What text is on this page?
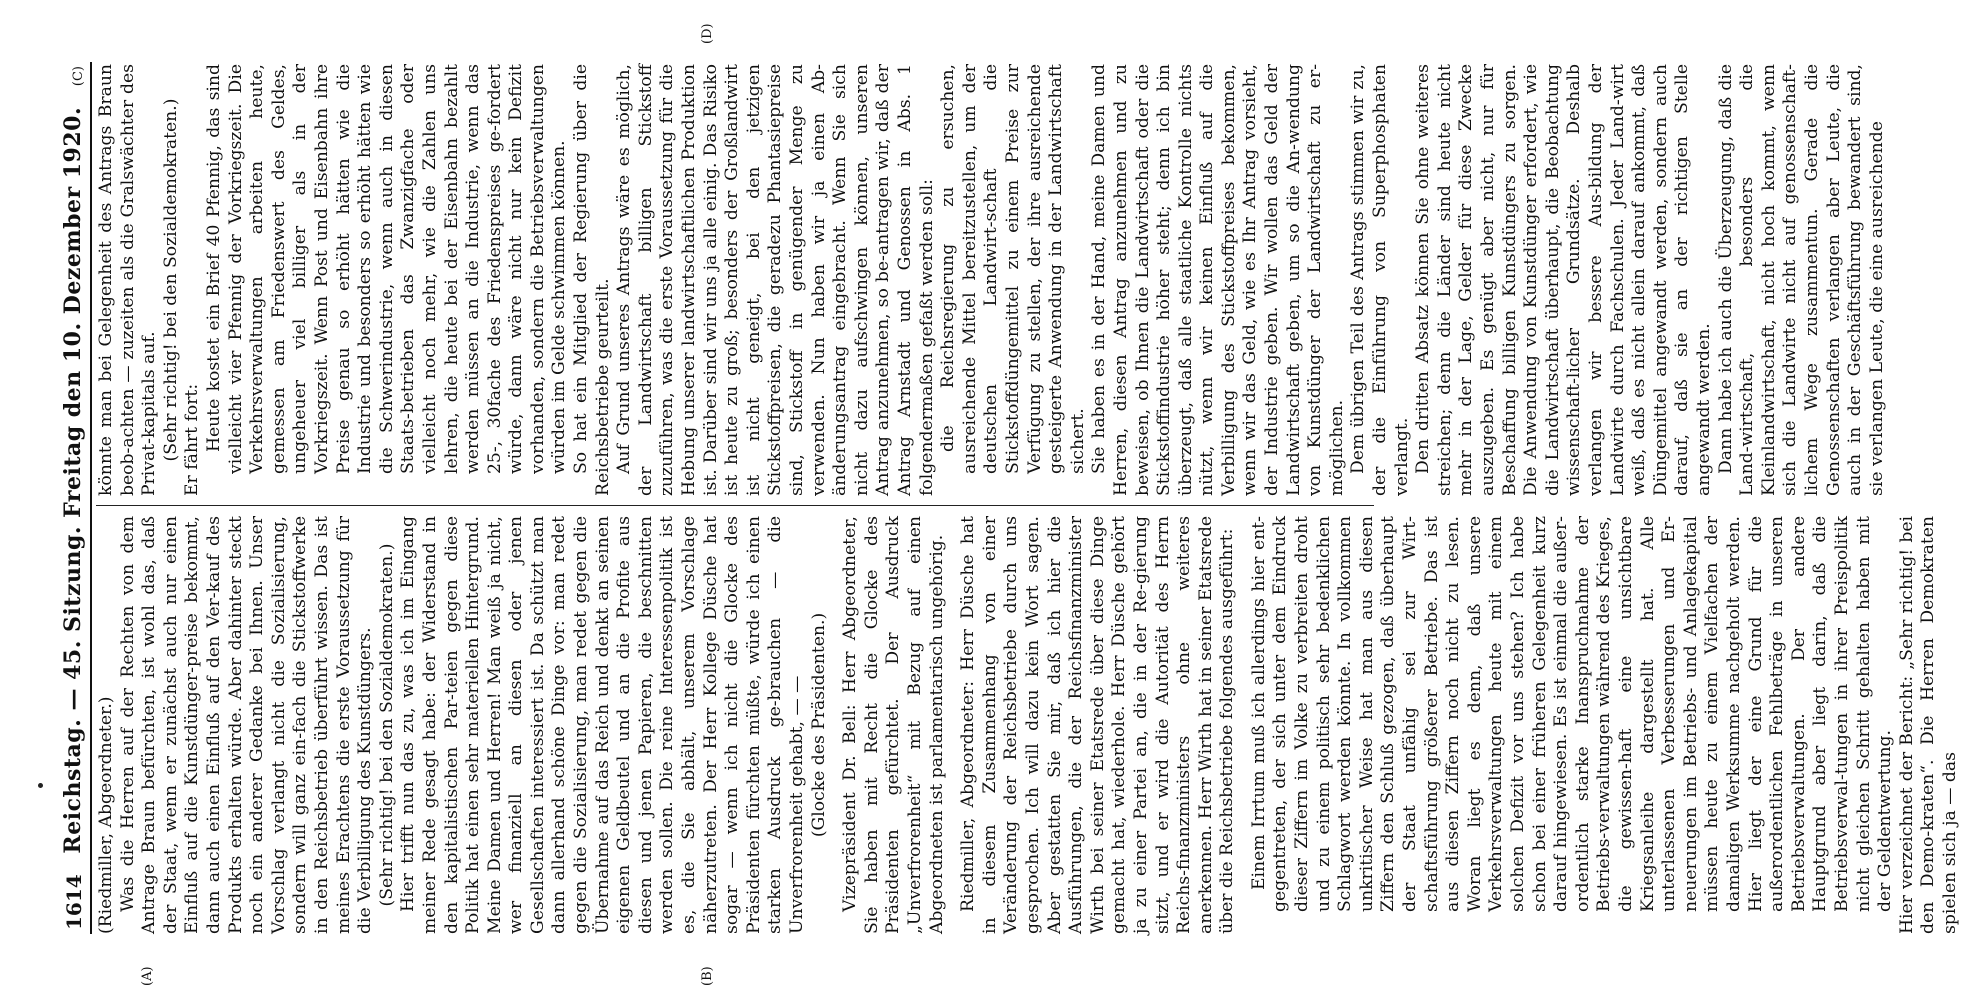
1614
Reichstag. — 45. Sitzung. Freitag den 10. Dezember 1920.
(C)
(A)	(B)
(D)

(Riedmiller, Abgeordneter.) Was die Herren auf der Rechten von dem Antrage Braun befürchten, ist wohl das, daß der Staat, wenn er zunächst auch nur einen Einfluß auf die Kunstdünger-preise bekommt, dann auch einen Einfluß auf den Ver-kauf des Produkts erhalten würde. Aber dahinter steckt noch ein anderer Gedanke bei Ihnen. Unser Vorschlag verlangt nicht die Sozialisierung, sondern will ganz ein-fach die Stickstoffwerke in den Reichsbetrieb überführt wissen. Das ist meines Erachtens die erste Voraussetzung für die Verbilligung des Kunstdüngers. (Sehr richtig! bei den Sozialdemokraten.) Hier trifft nun das zu, was ich im Eingang meiner Rede gesagt habe: der Widerstand in den kapitalistischen Par-teien gegen diese Politik hat einen sehr materiellen Hintergrund. Meine Damen und Herren! Man weiß ja nicht, wer finanziell an diesen oder jenen Gesellschaften interessiert ist. Da schützt man dann allerhand schöne Dinge vor: man redet gegen die Sozialisierung, man redet gegen die Übernahme auf das Reich und denkt an seinen eigenen Geldbeutel und an die Profite aus diesen und jenen Papieren, die beschnitten werden sollen. Die reine Interessenpolitik ist es, die Sie abhält, unserem Vorschlage näherzutreten. Der Herr Kollege Düsche hat sogar — wenn ich nicht die Glocke des Präsidenten fürchten müßte, würde ich einen starken Ausdruck ge-brauchen — die Unverfrorenheit gehabt, — — (Glocke des Präsidenten.) Vizepräsident Dr. Bell: Herr Abgeordneter, Sie haben mit Recht die Glocke des Präsidenten gefürchtet. Der Ausdruck „Unverfrorenheit“ mit Bezug auf einen Abgeordneten ist parlamentarisch ungehörig. Riedmiller, Abgeordneter: Herr Düsche hat in diesem Zusammenhang von einer Veränderung der Reichsbetriebe durch uns gesprochen. Ich will dazu kein Wort sagen. Aber gestatten Sie mir, daß ich hier die Ausführungen, die der Reichsfinanzminister Wirth bei seiner Etatsrede über diese Dinge gemacht hat, wiederhole. Herr Düsche gehört ja zu einer Partei an, die in der Re-gierung sitzt, und er wird die Autorität des Herrn Reichs-finanzministers ohne weiteres anerkennen. Herr Wirth hat in seiner Etatsrede über die Reichsbetriebe folgendes ausgeführt: Einem Irrtum muß ich allerdings hier ent-gegentreten, der sich unter dem Eindruck dieser Ziffern im Volke zu verbreiten droht und zu einem politisch sehr bedenklichen Schlagwort werden könnte. In vollkommen unkritischer Weise hat man aus diesen Ziffern den Schluß gezogen, daß überhaupt der Staat unfähig sei zur Wirt-schaftsführung größerer Betriebe. Das ist aus diesen Ziffern noch nicht zu lesen. Woran liegt es denn, daß unsere Verkehrsverwaltungen heute mit einem solchen Defizit vor uns stehen? Ich habe schon bei einer früheren Gelegenheit kurz darauf hingewiesen. Es ist einmal die außer-ordentlich starke Inanspruchnahme der Betriebs-verwaltungen während des Krieges, die gewissen-haft eine unsichtbare Kriegsanleihe dargestellt hat. Alle unterlassenen Verbesserungen und Er-neuerungen im Betriebs- und Anlagekapital müssen heute zu einem Vielfachen der damaligen Werksumme nachgeholt werden. Hier liegt der eine Grund für die außerordentlichen Fehlbeträge in unseren Betriebsverwaltungen. Der andere Hauptgrund aber liegt darin, daß die Betriebsverwal-tungen in ihrer Preispolitik nicht gleichen Schritt gehalten haben mit der Geldentwertung. Hier verzeichnet der Bericht: „Sehr richtig! bei den Demo-kraten“. Die Herren Demokraten spielen sich ja — das

könnte man bei Gelegenheit des Antrags Braun beob-achten — zuzeiten als die Gralswächter des Privat-kapitals auf. (Sehr richtig! bei den Sozialdemokraten.) Er fährt fort: Heute kostet ein Brief 40 Pfennig, das sind vielleicht vier Pfennig der Vorkriegszeit. Die Verkehrsverwaltungen arbeiten heute, gemessen am Friedenswert des Geldes, ungeheuer viel billiger als in der Vorkriegszeit. Wenn Post und Eisenbahn ihre Preise genau so erhöht hätten wie die Industrie und besonders so erhöht hätten wie die Schwerindustrie, wenn auch in diesen Staats-betrieben das Zwanzigfache oder vielleicht noch mehr, wie die Zahlen uns lehren, die heute bei der Eisenbahn bezahlt werden müssen an die Industrie, wenn das 25-, 30fache des Friedenspreises ge-fordert würde, dann wäre nicht nur kein Defizit vorhanden, sondern die Betriebsverwaltungen würden im Gelde schwimmen können. So hat ein Mitglied der Regierung über die Reichsbetriebe geurteilt. Auf Grund unseres Antrags wäre es möglich, der Landwirtschaft billigen Stickstoff zuzuführen, was die erste Voraussetzung für die Hebung unserer landwirtschaftlichen Produktion ist. Darüber sind wir uns ja alle einig. Das Risiko ist heute zu groß; besonders der Großlandwirt ist nicht geneigt, bei den jetzigen Stickstoffpreisen, die geradezu Phantasiepreise sind, Stickstoff in genügender Menge zu verwenden. Nun haben wir ja einen Ab-änderungsantrag eingebracht. Wenn Sie sich nicht dazu aufschwingen können, unseren Antrag anzunehmen, so be-antragen wir, daß der Antrag Arnstadt und Genossen in Abs. 1 folgendermaßen gefaßt werden soll: die Reichsregierung zu ersuchen, ausreichende Mittel bereitzustellen, um der deutschen Landwirt-schaft die Stickstoffdüngemittel zu einem Preise zur Verfügung zu stellen, der ihre ausreichende gesteigerte Anwendung in der Landwirtschaft sichert. Sie haben es in der Hand, meine Damen und Herren, diesen Antrag anzunehmen und zu beweisen, ob Ihnen die Landwirtschaft oder die Stickstoffindustrie höher steht; denn ich bin überzeugt, daß alle staatliche Kontrolle nichts nützt, wenn wir keinen Einfluß auf die Verbilligung des Stickstoffpreises bekommen, wenn wir das Geld, wie es Ihr Antrag vorsieht, der Industrie geben. Wir wollen das Geld der Landwirtschaft geben, um so die An-wendung von Kunstdünger der Landwirtschaft zu er-möglichen. Dem übrigen Teil des Antrags stimmen wir zu, der die Einführung von Superphosphaten verlangt. Den dritten Absatz können Sie ohne weiteres streichen; denn die Länder sind heute nicht mehr in der Lage, Gelder für diese Zwecke auszugeben. Es genügt aber nicht, nur für Beschaffung billigen Kunstdüngers zu sorgen. Die Anwendung von Kunstdünger erfordert, wie die Landwirtschaft überhaupt, die Beobachtung wissenschaft-licher Grundsätze. Deshalb verlangen wir bessere Aus-bildung der Landwirte durch Fachschulen. Jeder Land-wirt weiß, daß es nicht allein darauf ankommt, daß Düngemittel angewandt werden, sondern auch darauf, daß sie an der richtigen Stelle angewandt werden. Dann habe ich auch die Überzeugung, daß die Land-wirtschaft, besonders die Kleinlandwirtschaft, nicht hoch kommt, wenn sich die Landwirte nicht auf genossenschaft-lichem Wege zusammentun. Gerade die Genossenschaften verlangen aber Leute, die auch in der Geschäftsführung bewandert sind, sie verlangen Leute, die eine ausreichende
